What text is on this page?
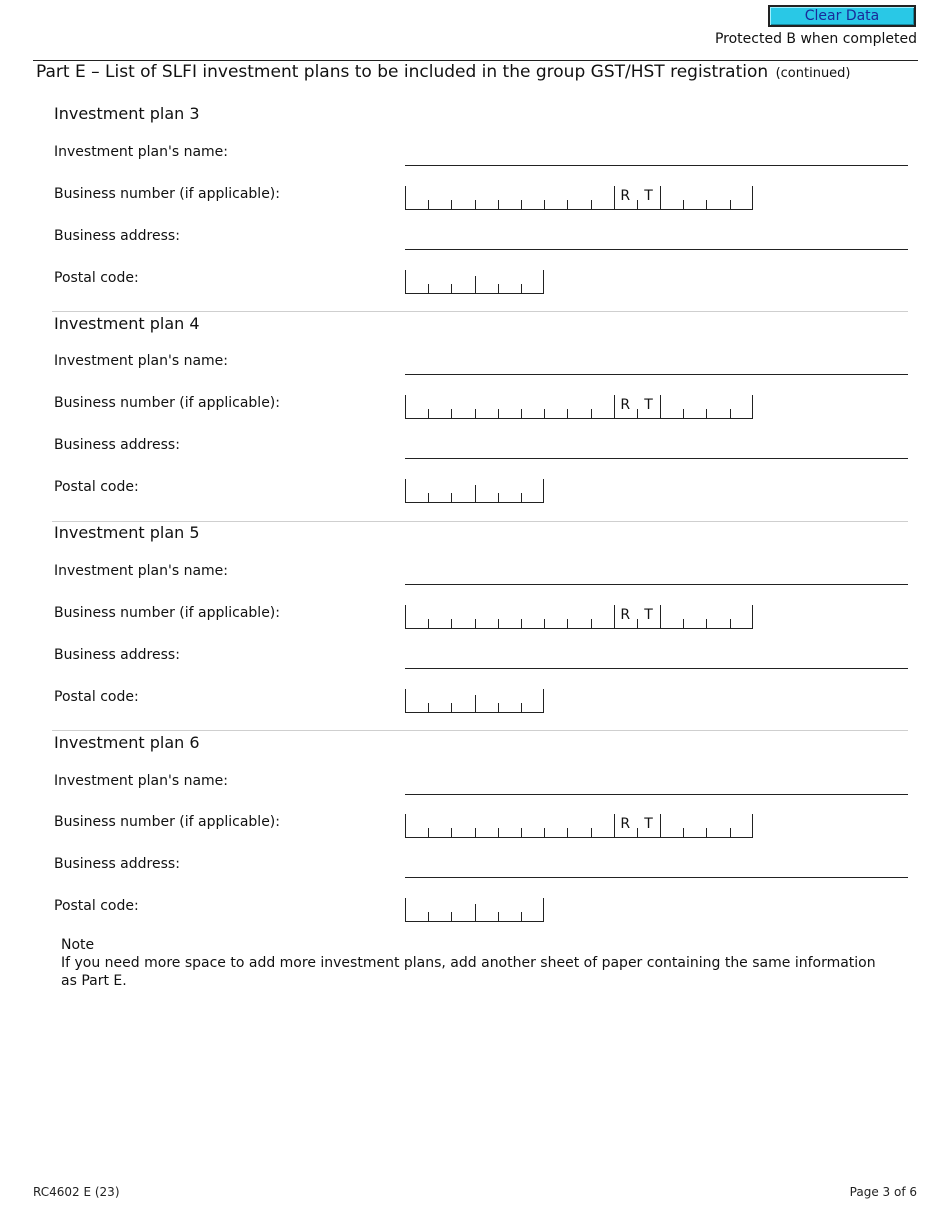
Clear Data
Protected B when completed
Part E – List of SLFI investment plans to be included in the group GST/HST registration (continued)
Investment plan 3
Investment plan's name:
Business number (if applicable):	R	T
Business address:
Postal code:
Investment plan 4
Investment plan's name:
Business number (if applicable):	R	T
Business address:
Postal code:
Investment plan 5
Investment plan's name:
Business number (if applicable):	R	T
Business address:
Postal code:
Investment plan 6
Investment plan's name:
Business number (if applicable):	R	T
Business address:
Postal code:
Note
If you need more space to add more investment plans, add another sheet of paper containing the same information as Part E.
RC4602 E (23)	Page 3 of 6
